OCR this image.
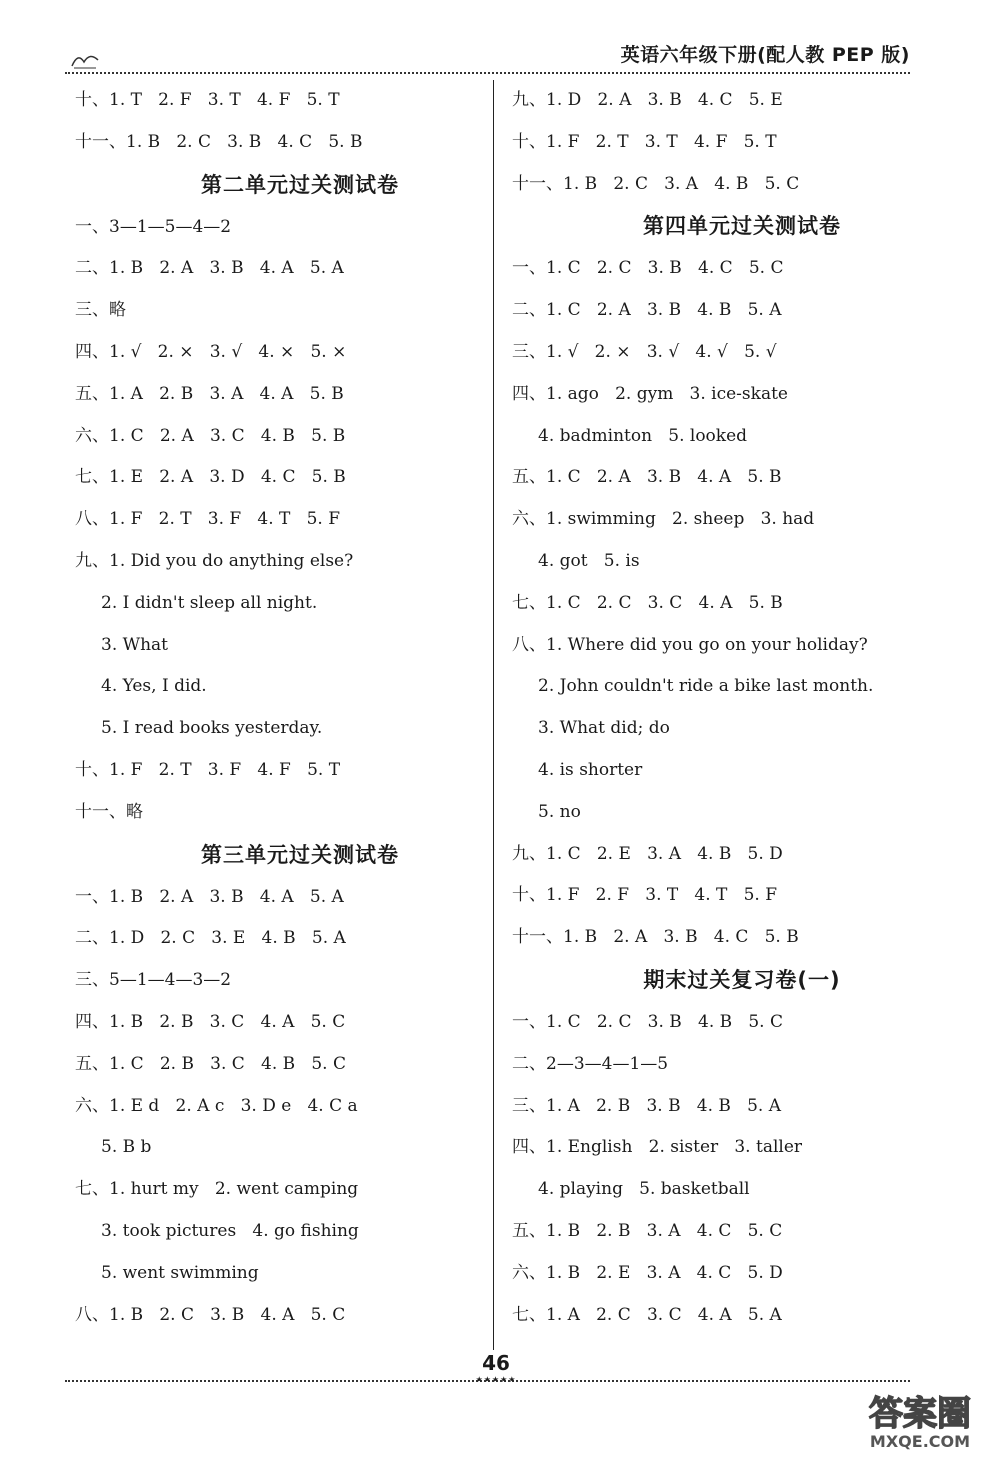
英语六年级下册(配人教 PEP 版)
十、1. T   2. F   3. T   4. F   5. T
十一、1. B   2. C   3. B   4. C   5. B
第二单元过关测试卷
一、3—1—5—4—2
二、1. B   2. A   3. B   4. A   5. A
三、略
四、1. √   2. ×   3. √   4. ×   5. ×
五、1. A   2. B   3. A   4. A   5. B
六、1. C   2. A   3. C   4. B   5. B
七、1. E   2. A   3. D   4. C   5. B
八、1. F   2. T   3. F   4. T   5. F
九、1. Did you do anything else?
2. I didn't sleep all night.
3. What
4. Yes, I did.
5. I read books yesterday.
十、1. F   2. T   3. F   4. F   5. T
十一、略
第三单元过关测试卷
一、1. B   2. A   3. B   4. A   5. A
二、1. D   2. C   3. E   4. B   5. A
三、5—1—4—3—2
四、1. B   2. B   3. C   4. A   5. C
五、1. C   2. B   3. C   4. B   5. C
六、1. E d   2. A c   3. D e   4. C a
5. B b
七、1. hurt my   2. went camping
3. took pictures   4. go fishing
5. went swimming
八、1. B   2. C   3. B   4. A   5. C
九、1. D   2. A   3. B   4. C   5. E
十、1. F   2. T   3. T   4. F   5. T
十一、1. B   2. C   3. A   4. B   5. C
第四单元过关测试卷
一、1. C   2. C   3. B   4. C   5. C
二、1. C   2. A   3. B   4. B   5. A
三、1. √   2. ×   3. √   4. √   5. √
四、1. ago   2. gym   3. ice-skate
4. badminton   5. looked
五、1. C   2. A   3. B   4. A   5. B
六、1. swimming   2. sheep   3. had
4. got   5. is
七、1. C   2. C   3. C   4. A   5. B
八、1. Where did you go on your holiday?
2. John couldn't ride a bike last month.
3. What did; do
4. is shorter
5. no
九、1. C   2. E   3. A   4. B   5. D
十、1. F   2. F   3. T   4. T   5. F
十一、1. B   2. A   3. B   4. C   5. B
期末过关复习卷(一)
一、1. C   2. C   3. B   4. B   5. C
二、2—3—4—1—5
三、1. A   2. B   3. B   4. B   5. A
四、1. English   2. sister   3. taller
4. playing   5. basketball
五、1. B   2. B   3. A   4. C   5. C
六、1. B   2. E   3. A   4. C   5. D
七、1. A   2. C   3. C   4. A   5. A
46
★★★★★
答案圈
MXQE.COM
